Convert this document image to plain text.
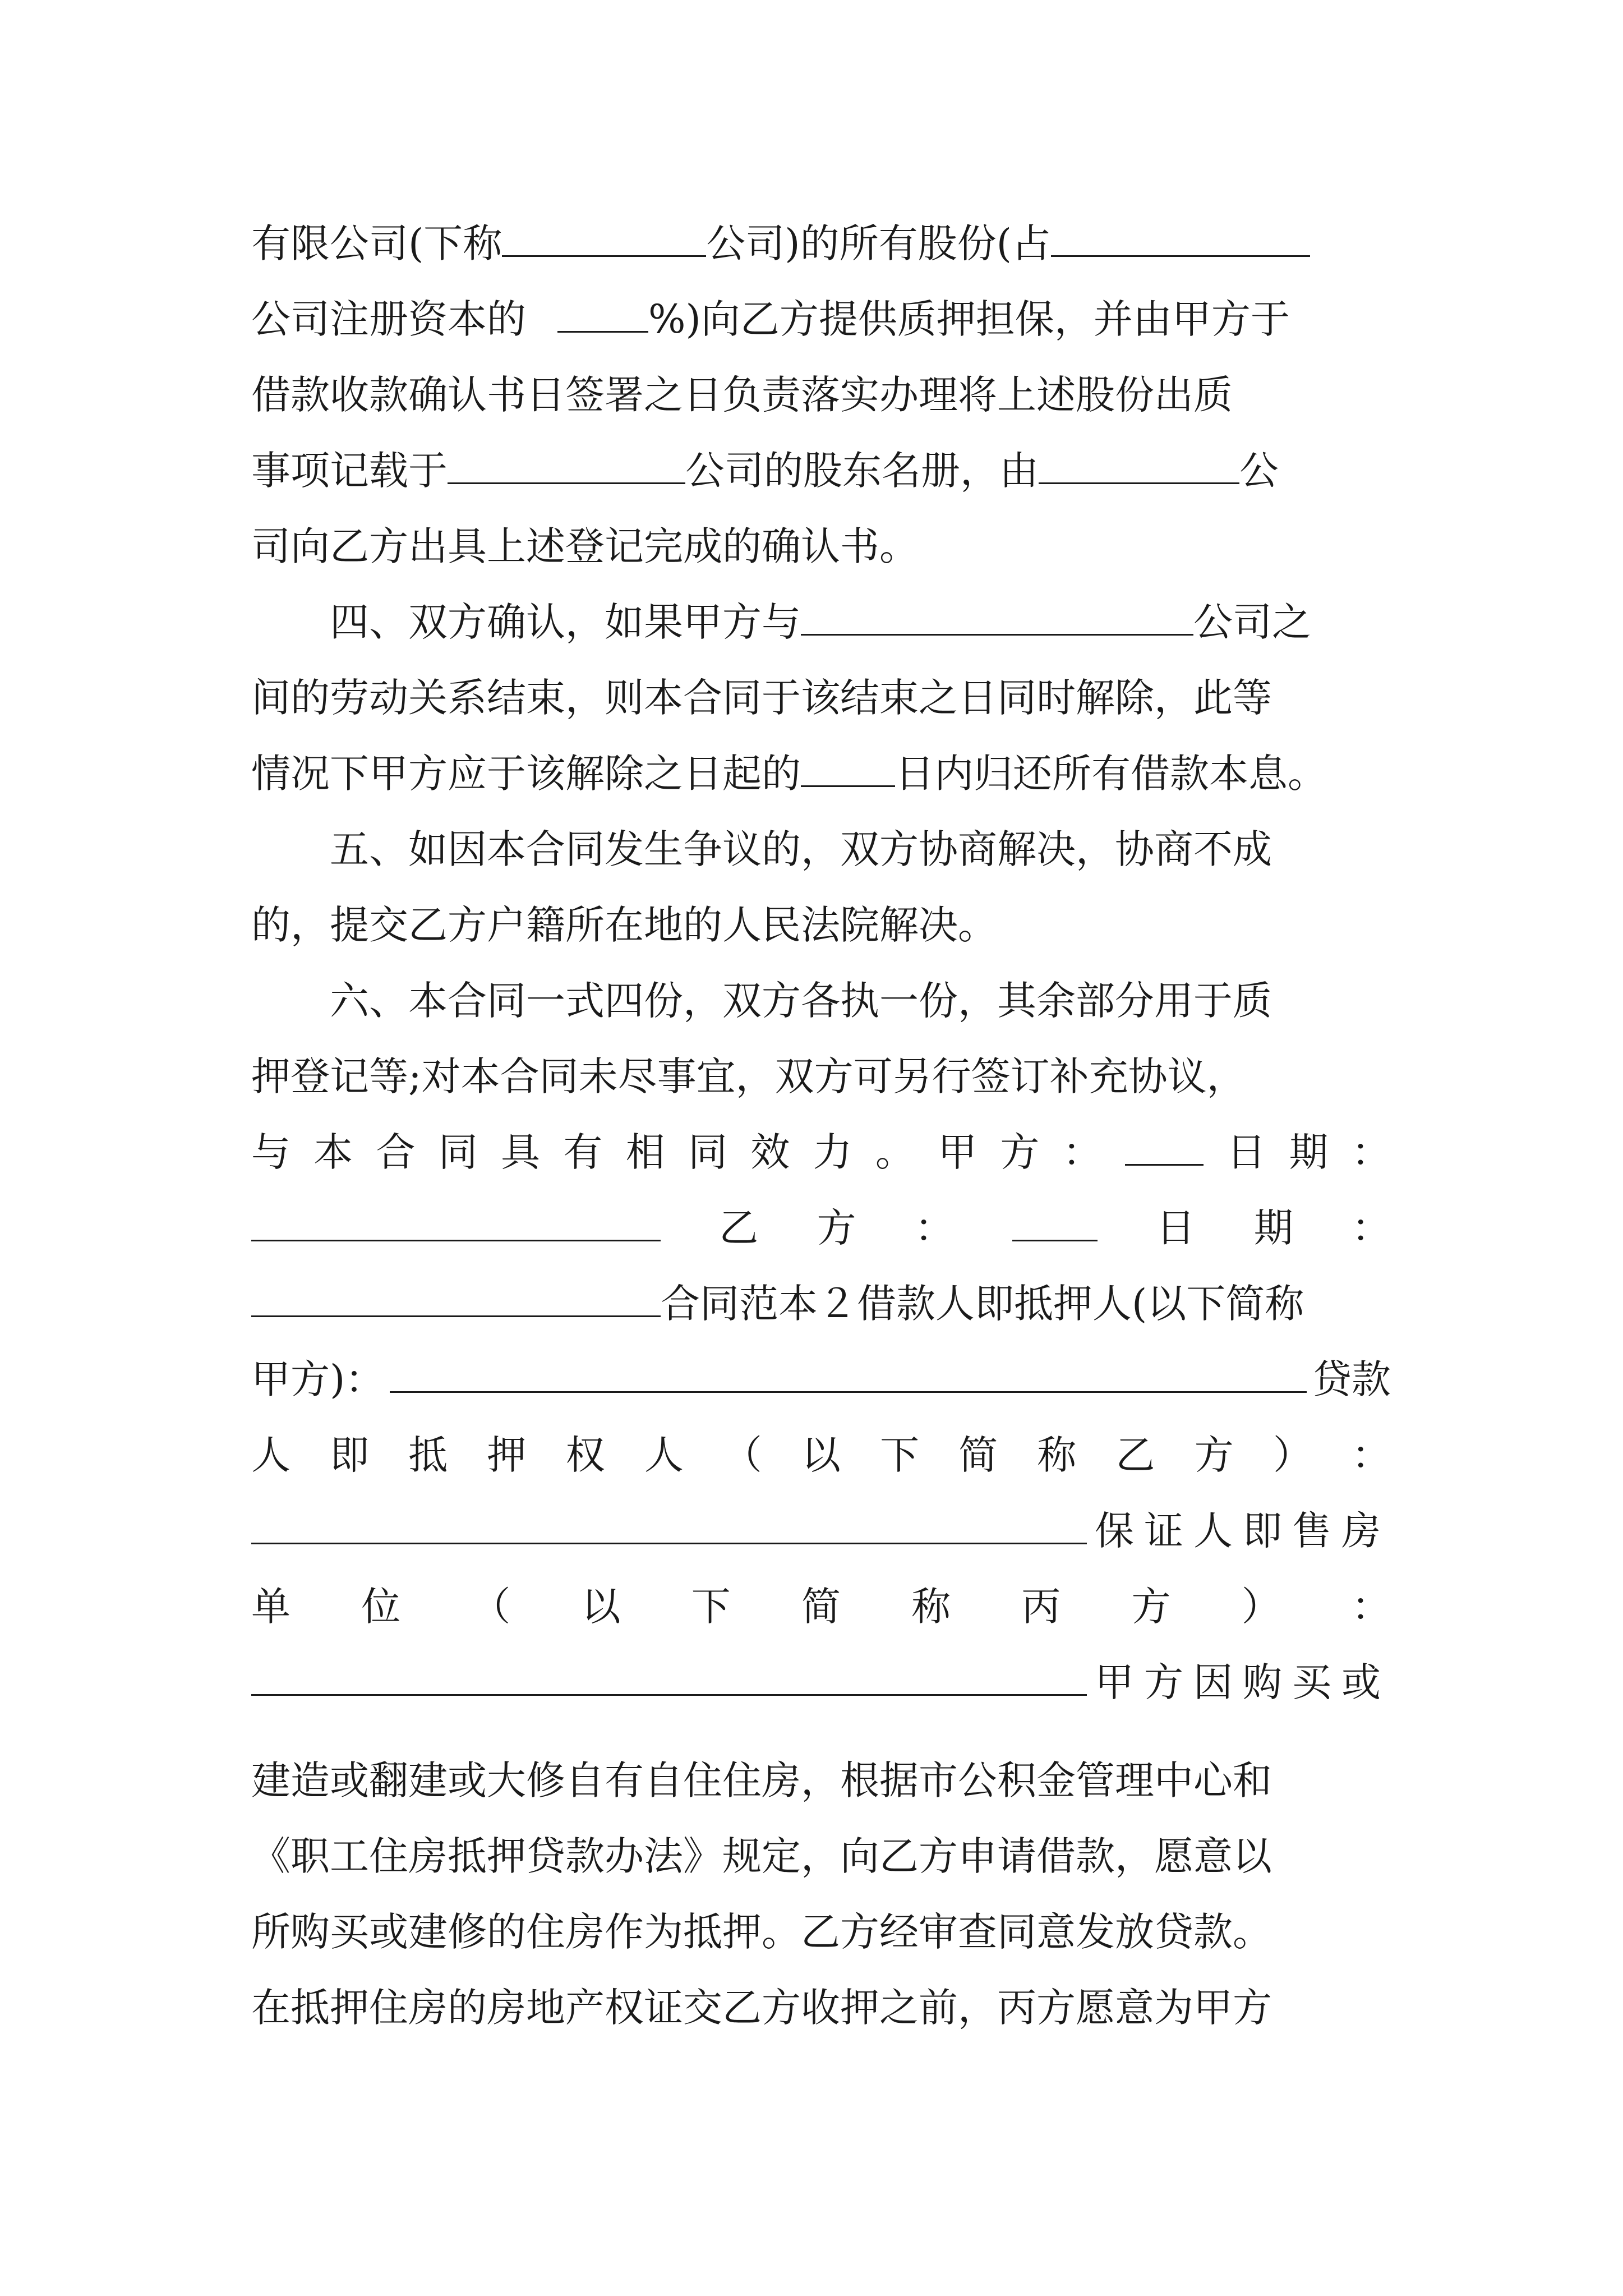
有限公司(下称	公司)的所有股份(占
公司注册资本的	%)向乙方提供质押担保，并由甲方于
借款收款确认书日签署之日负责落实办理将上述股份出质
事项记载于	公司的股东名册，由	公
司向乙方出具上述登记完成的确认书。
四、双方确认，如果甲方与	公司之
间的劳动关系结束，则本合同于该结束之日同时解除，此等
情况下甲方应于该解除之日起的 日内归还所有借款本息。
五、如因本合同发生争议的，双方协商解决，协商不成
的，提交乙方户籍所在地的人民法院解决。
六、本合同一式四份，双方各执一份，其余部分用于质
押登记等;对本合同未尽事宜，双方可另行签订补充协议，
与 本 合 同 具 有 相 同 效 力 。 甲 方 ：	日 期 ：
乙 方 ：	日 期 ：
合同范本２借款人即抵押人(以下简称
甲方)：	贷款
人 即 抵 押 权 人 （ 以 下 简 称 乙 方 ） ：
保证人即售房
单 位 （ 以 下 简 称 丙 方 ） ：
甲方因购买或
建造或翻建或大修自有自住住房，根据市公积金管理中心和
《职工住房抵押贷款办法》规定，向乙方申请借款，愿意以
所购买或建修的住房作为抵押。乙方经审查同意发放贷款。
在抵押住房的房地产权证交乙方收押之前，丙方愿意为甲方
